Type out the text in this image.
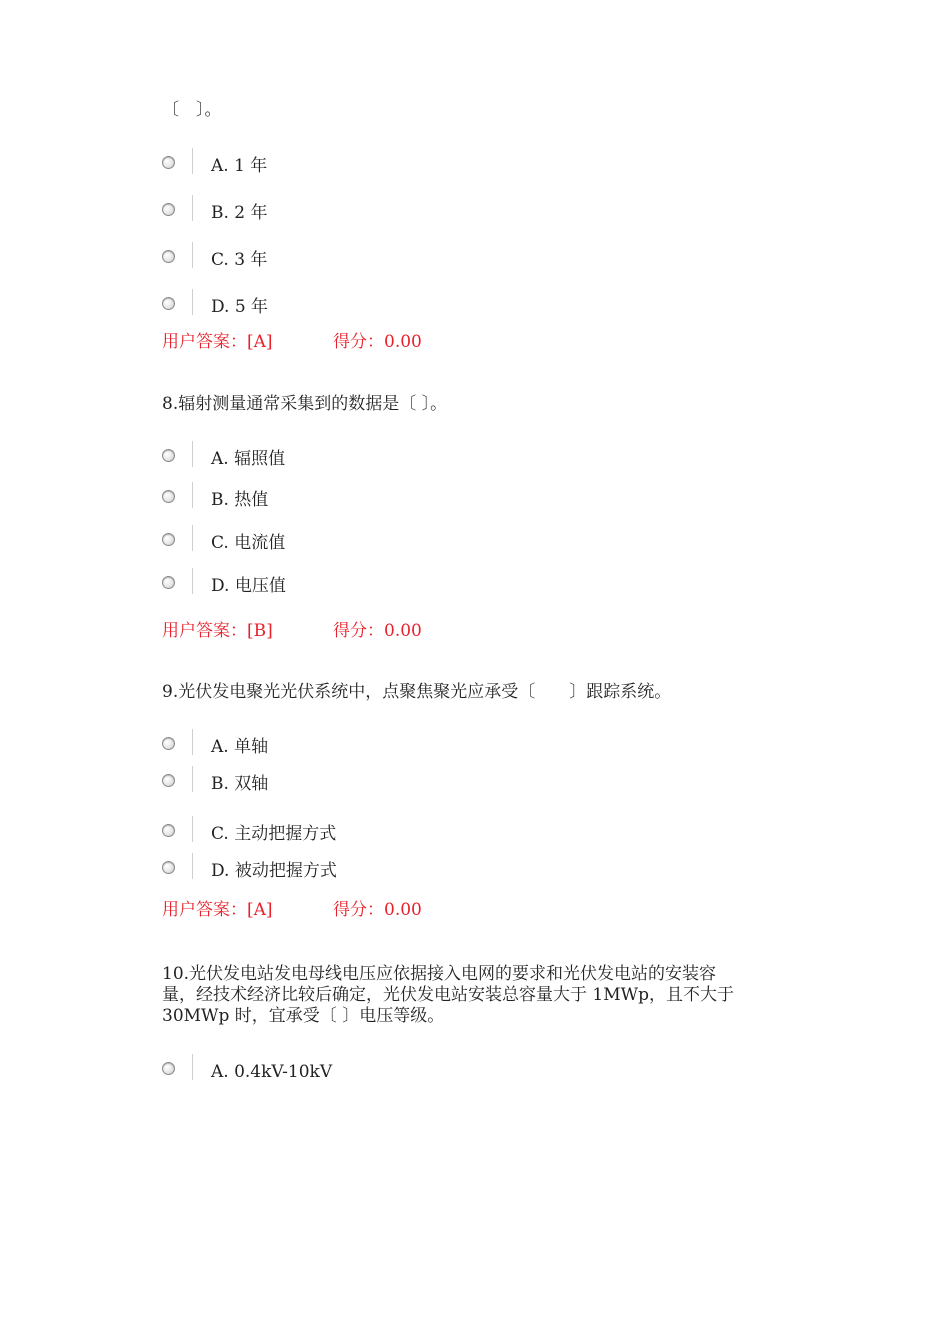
〔　〕。
A. 1 年
B. 2 年
C. 3 年
D. 5 年
用户答案：[A]	得分：0.00
8.辐射测量通常采集到的数据是〔 〕。
A. 辐照值
B. 热值
C. 电流值
D. 电压值
用户答案：[B]	得分：0.00
9.光伏发电聚光光伏系统中，点聚焦聚光应承受〔　　〕跟踪系统。
A. 单轴
B. 双轴
C. 主动把握方式
D. 被动把握方式
用户答案：[A]	得分：0.00
10.光伏发电站发电母线电压应依据接入电网的要求和光伏发电站的安装容
量，经技术经济比较后确定，光伏发电站安装总容量大于 1MWp，且不大于
30MWp 时，宜承受〔 〕电压等级。
A. 0.4kV-10kV
